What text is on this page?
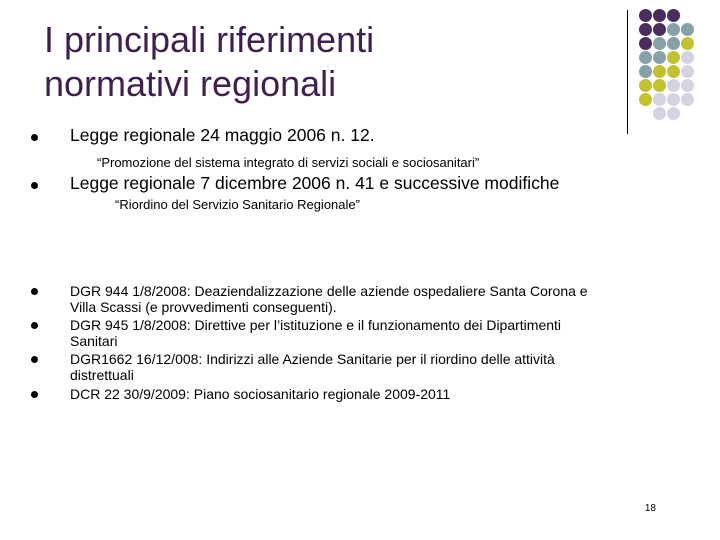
I principali riferimenti
normativi regionali
Legge regionale 24 maggio 2006 n. 12.
“Promozione del sistema integrato di servizi sociali e sociosanitari”
Legge regionale 7 dicembre 2006 n. 41 e successive modifiche
“Riordino del Servizio Sanitario Regionale”
DGR 944 1/8/2008: Deaziendalizzazione delle aziende ospedaliere Santa Corona e
Villa Scassi (e provvedimenti conseguenti).
DGR 945 1/8/2008: Direttive per l’istituzione e il funzionamento dei Dipartimenti
Sanitari
DGR1662 16/12/008: Indirizzi alle Aziende Sanitarie per il riordino delle attività
distrettuali
DCR 22 30/9/2009: Piano sociosanitario regionale 2009-2011
18
